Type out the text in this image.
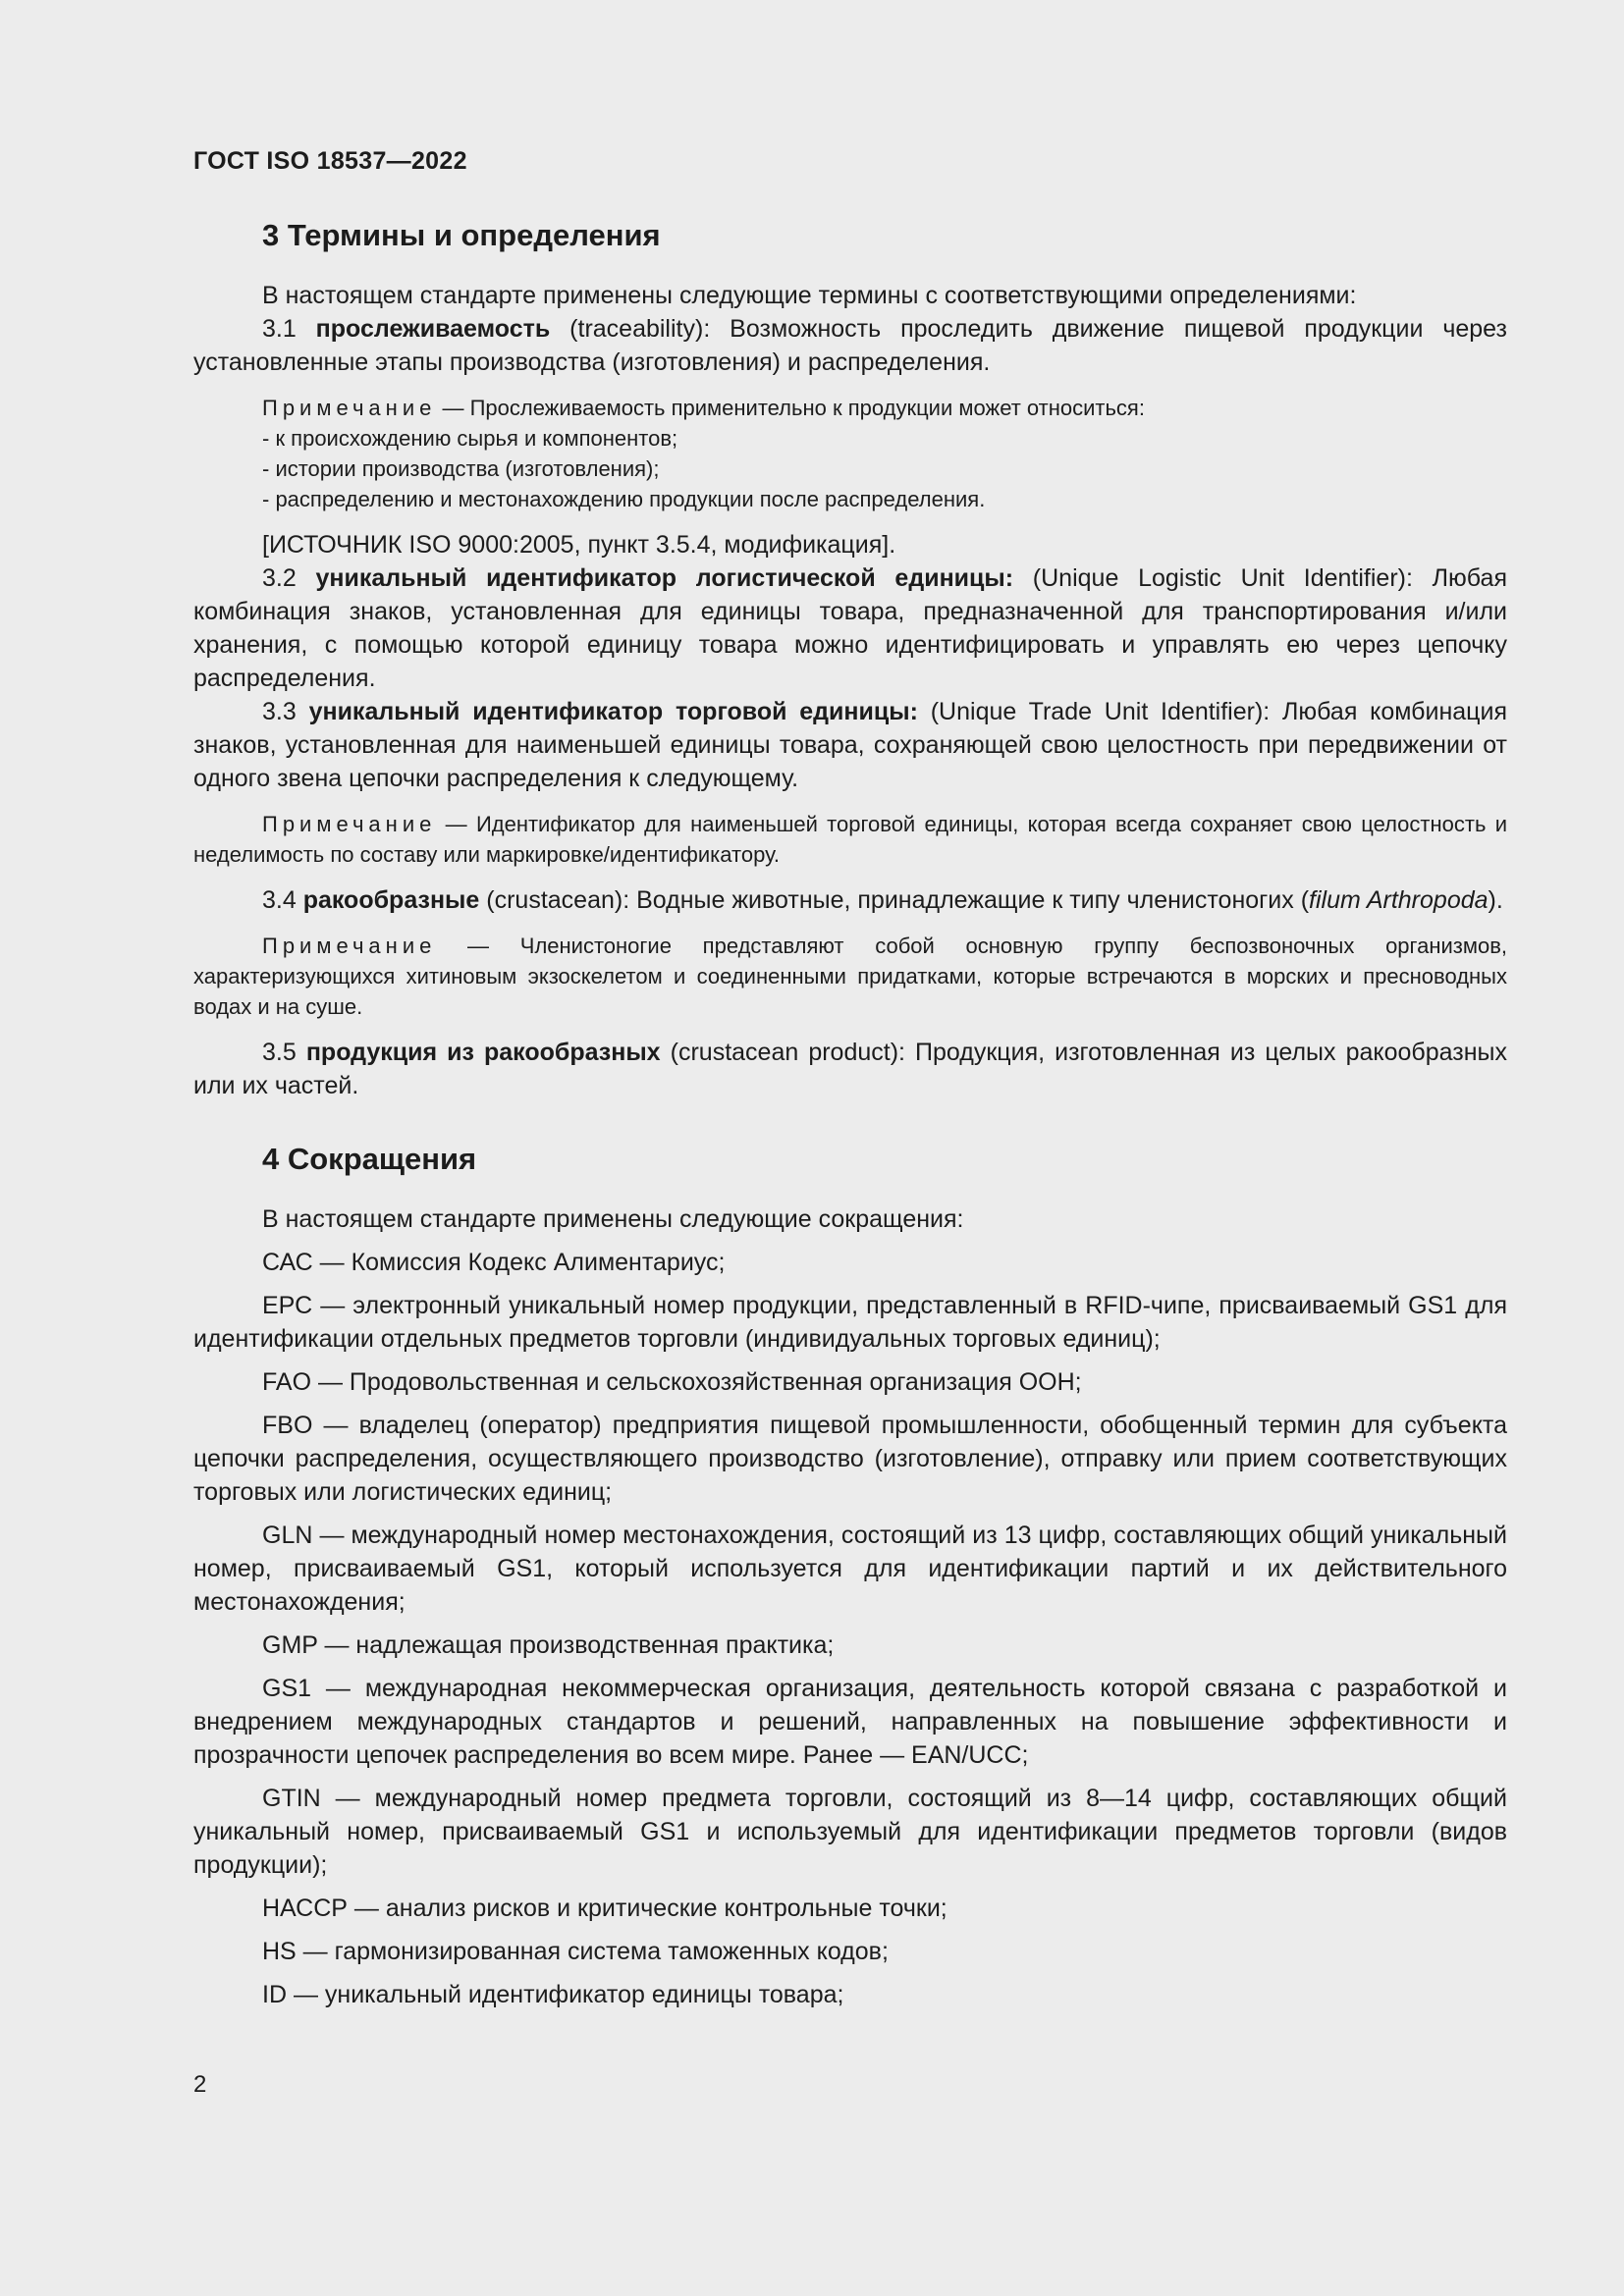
ГОСТ ISO 18537—2022
3 Термины и определения

В настоящем стандарте применены следующие термины с соответствующими определениями:

3.1 прослеживаемость (traceability): Возможность проследить движение пищевой продукции через установленные этапы производства (изготовления) и распределения.

Примечание — Прослеживаемость применительно к продукции может относиться:

- к происхождению сырья и компонентов;

- истории производства (изготовления);

- распределению и местонахождению продукции после распределения.

[ИСТОЧНИК ISO 9000:2005, пункт 3.5.4, модификация].

3.2 уникальный идентификатор логистической единицы: (Unique Logistic Unit Identifier): Любая комбинация знаков, установленная для единицы товара, предназначенной для транспортирования и/или хранения, с помощью которой единицу товара можно идентифицировать и управлять ею через цепочку распределения.

3.3 уникальный идентификатор торговой единицы: (Unique Trade Unit Identifier): Любая комбинация знаков, установленная для наименьшей единицы товара, сохраняющей свою целостность при передвижении от одного звена цепочки распределения к следующему.

Примечание — Идентификатор для наименьшей торговой единицы, которая всегда сохраняет свою целостность и неделимость по составу или маркировке/идентификатору.

3.4 ракообразные (crustacean): Водные животные, принадлежащие к типу членистоногих (filum Arthropoda).

Примечание — Членистоногие представляют собой основную группу беспозвоночных организмов, характеризующихся хитиновым экзоскелетом и соединенными придатками, которые встречаются в морских и пресноводных водах и на суше.

3.5 продукция из ракообразных (crustacean product): Продукция, изготовленная из целых ракообразных или их частей.

4 Сокращения

В настоящем стандарте применены следующие сокращения:

САС — Комиссия Кодекс Алиментариус;

ЕРС — электронный уникальный номер продукции, представленный в RFID-чипе, присваиваемый GS1 для идентификации отдельных предметов торговли (индивидуальных торговых единиц);

FAO — Продовольственная и сельскохозяйственная организация ООН;

FBO — владелец (оператор) предприятия пищевой промышленности, обобщенный термин для субъекта цепочки распределения, осуществляющего производство (изготовление), отправку или прием соответствующих торговых или логистических единиц;

GLN — международный номер местонахождения, состоящий из 13 цифр, составляющих общий уникальный номер, присваиваемый GS1, который используется для идентификации партий и их действительного местонахождения;

GMP — надлежащая производственная практика;

GS1 — международная некоммерческая организация, деятельность которой связана с разработкой и внедрением международных стандартов и решений, направленных на повышение эффективности и прозрачности цепочек распределения во всем мире. Ранее — EAN/UCC;

GTIN — международный номер предмета торговли, состоящий из 8—14 цифр, составляющих общий уникальный номер, присваиваемый GS1 и используемый для идентификации предметов торговли (видов продукции);

НАССР — анализ рисков и критические контрольные точки;

HS — гармонизированная система таможенных кодов;

ID — уникальный идентификатор единицы товара;

2
